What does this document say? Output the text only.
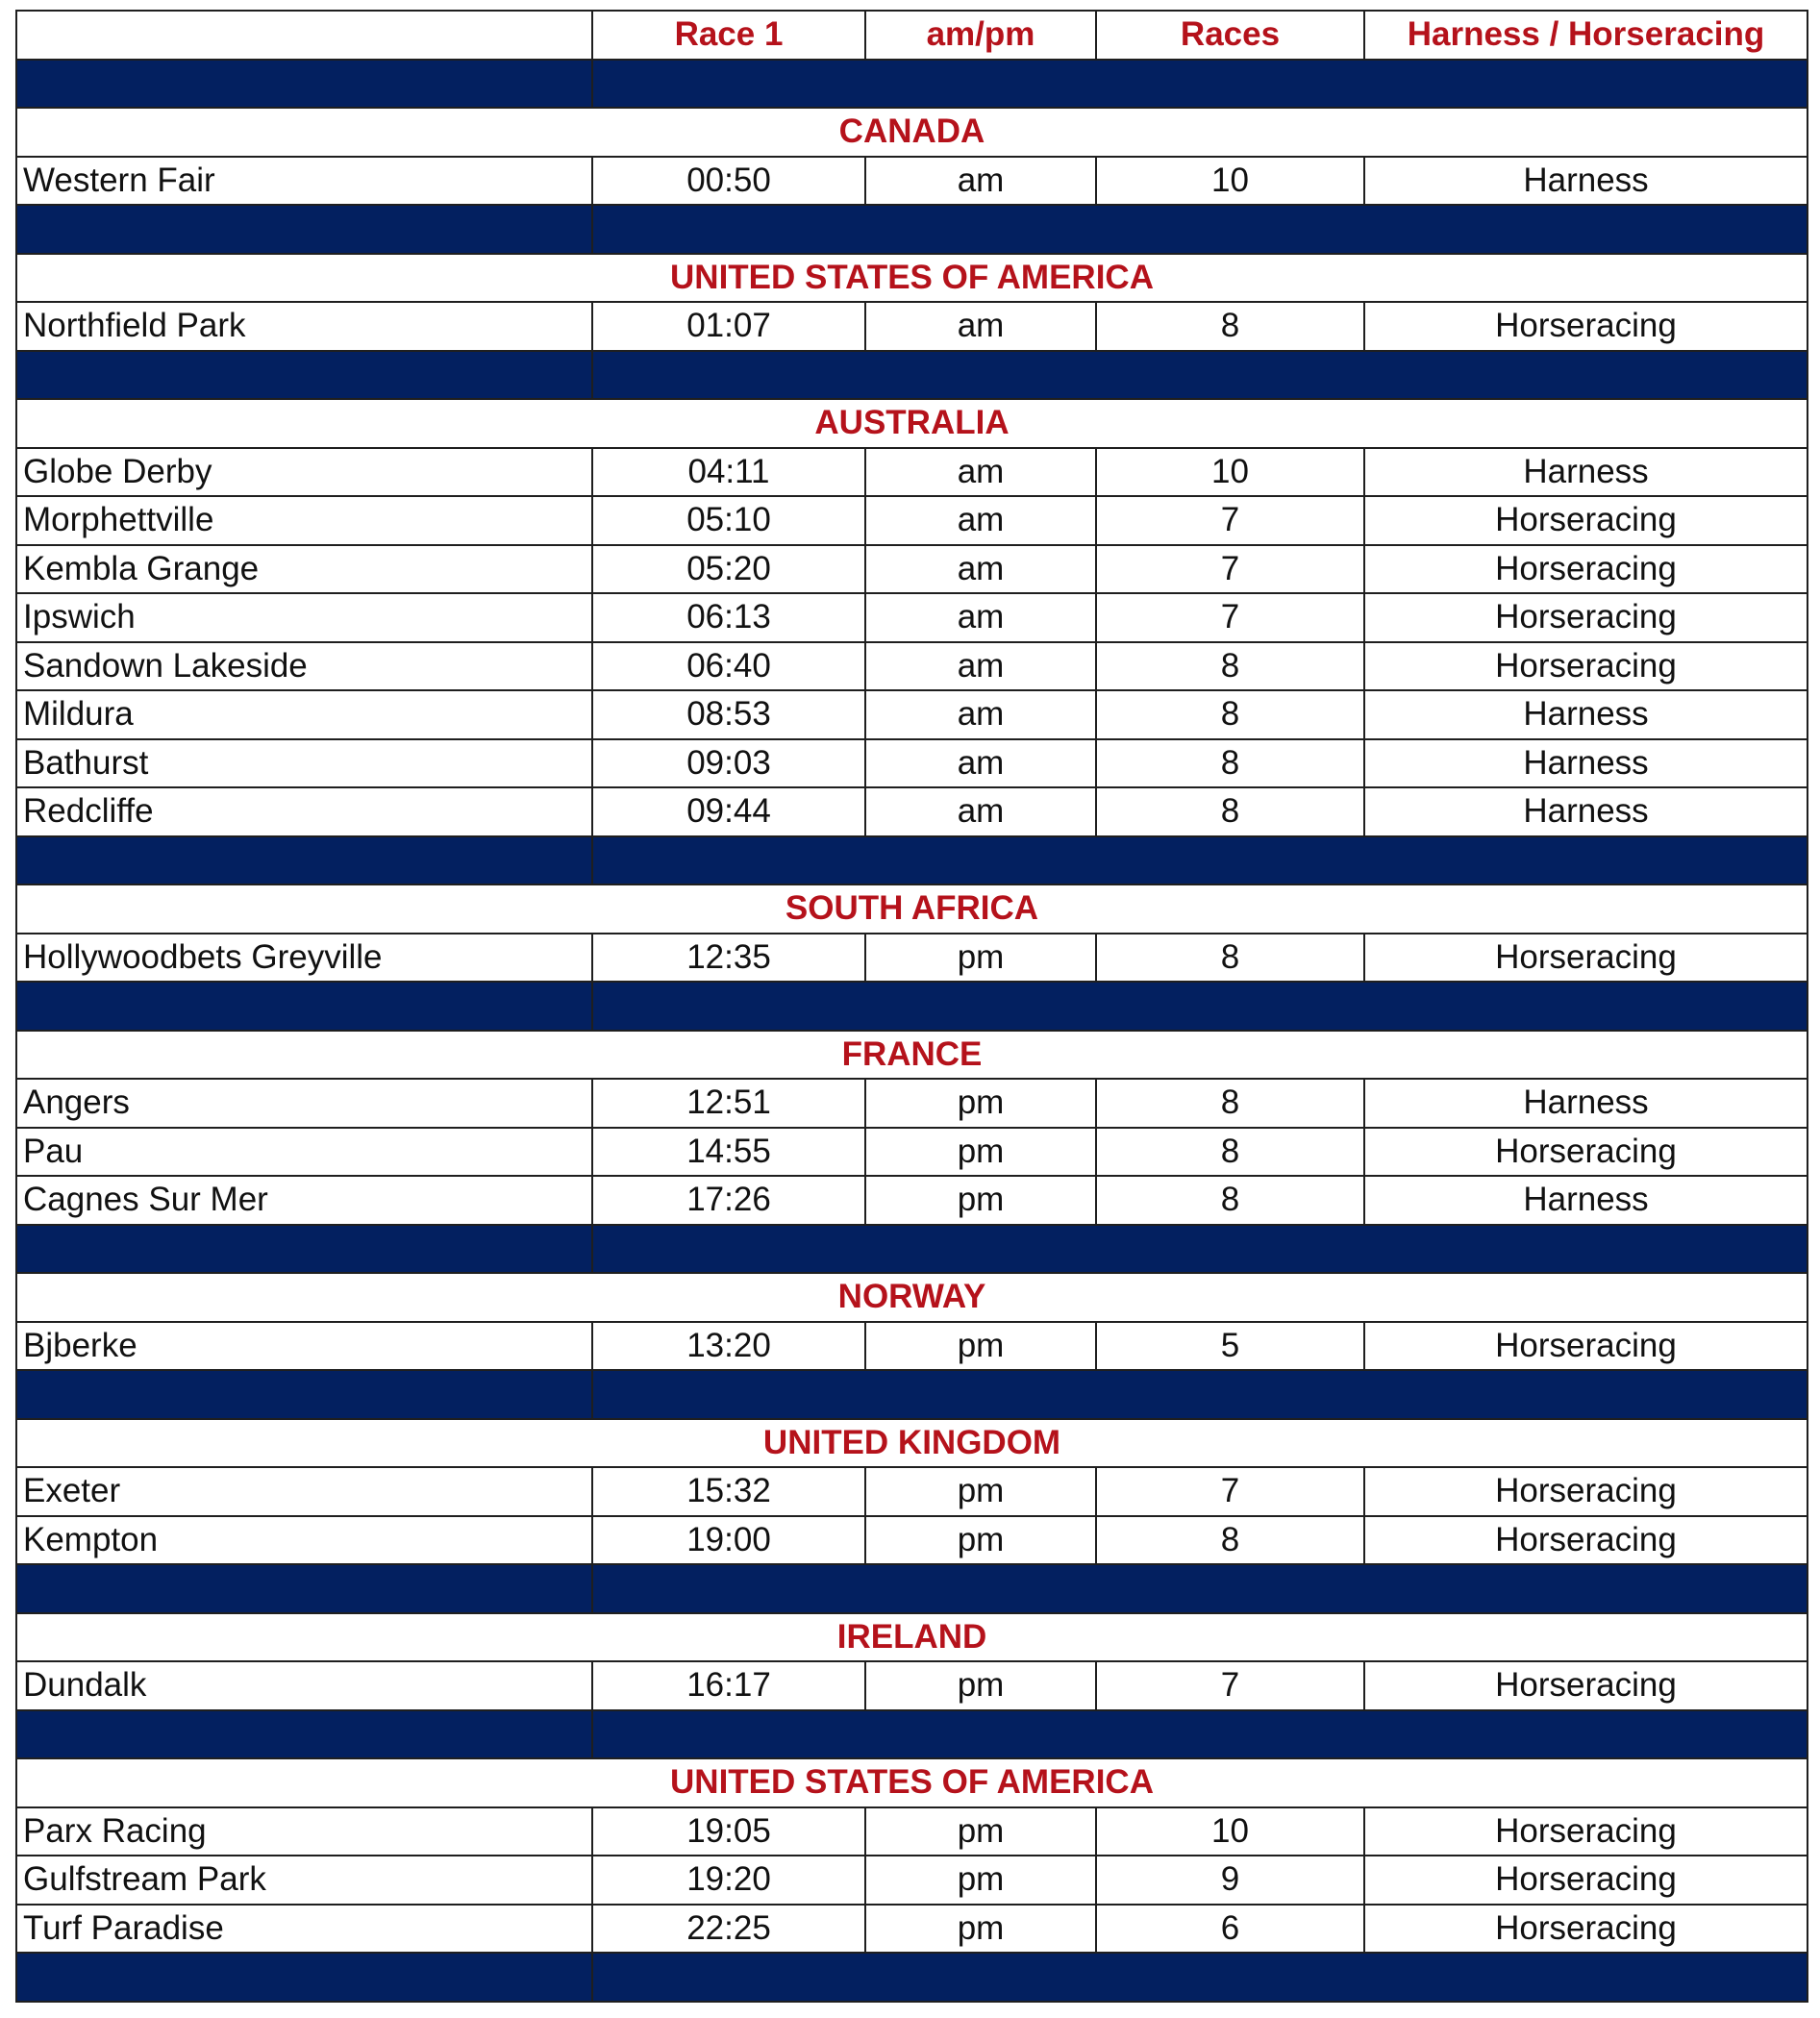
	Race 1	am/pm	Races	Harness / Horseracing

CANADA				
Western Fair	00:50	am	10	Harness

UNITED STATES OF AMERICA				
Northfield Park	01:07	am	8	Horseracing

AUSTRALIA				
Globe Derby	04:11	am	10	Harness
Morphettville	05:10	am	7	Horseracing
Kembla Grange	05:20	am	7	Horseracing
Ipswich	06:13	am	7	Horseracing
Sandown Lakeside	06:40	am	8	Horseracing
Mildura	08:53	am	8	Harness
Bathurst	09:03	am	8	Harness
Redcliffe	09:44	am	8	Harness

SOUTH AFRICA				
Hollywoodbets Greyville	12:35	pm	8	Horseracing

FRANCE				
Angers	12:51	pm	8	Harness
Pau	14:55	pm	8	Horseracing
Cagnes Sur Mer	17:26	pm	8	Harness

NORWAY				
Bjberke	13:20	pm	5	Horseracing

UNITED KINGDOM				
Exeter	15:32	pm	7	Horseracing
Kempton	19:00	pm	8	Horseracing

IRELAND				
Dundalk	16:17	pm	7	Horseracing

UNITED STATES OF AMERICA				
Parx Racing	19:05	pm	10	Horseracing
Gulfstream Park	19:20	pm	9	Horseracing
Turf Paradise	22:25	pm	6	Horseracing
